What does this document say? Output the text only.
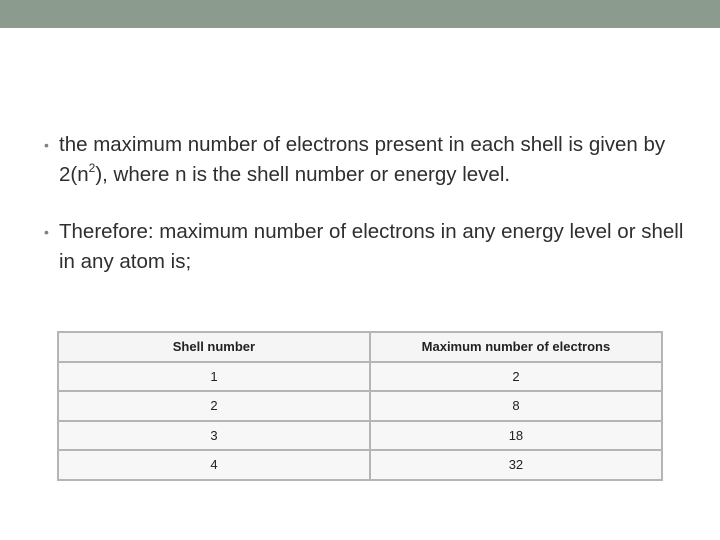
• the maximum number of electrons present in each shell is given by $2(n^2)$, where n is the shell number or energy level.
• Therefore: maximum number of electrons in any energy level or shell in any atom is;
Shell number	Maximum number of electrons
1	2
2	8
3	18
4	32
